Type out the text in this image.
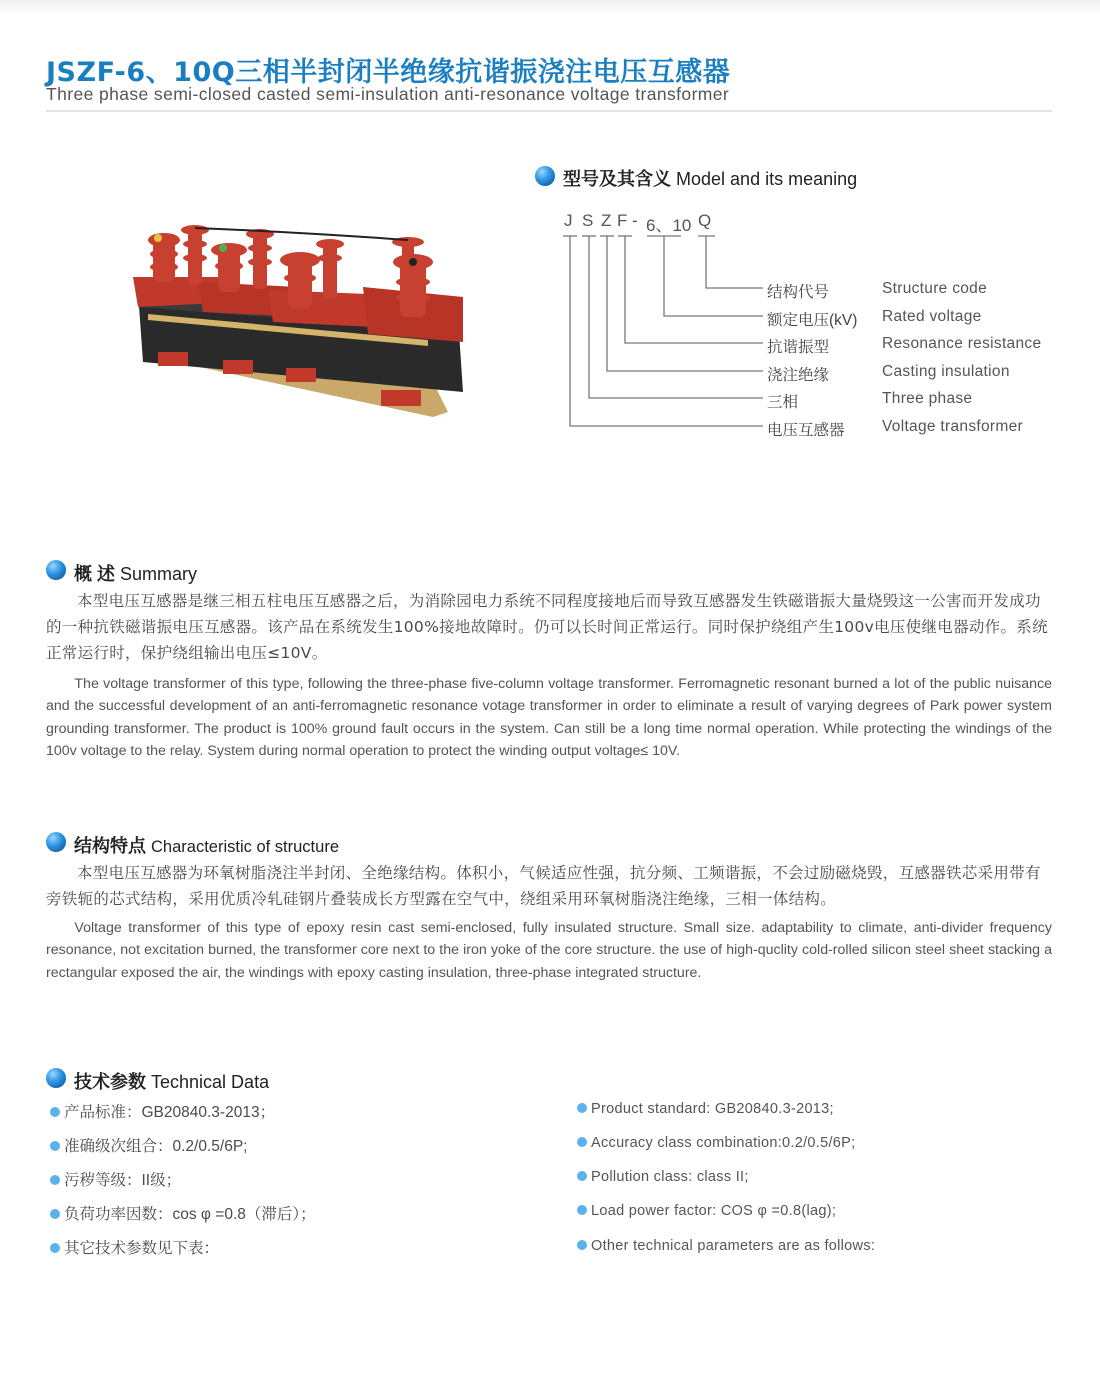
JSZF-6、10Q三相半封闭半绝缘抗谐振浇注电压互感器
Three phase semi-closed casted semi-insulation anti-resonance voltage transformer
型号及其含义 Model and its meaning
J S Z F - 6、10 Q
结构代号	Structure code
额定电压(kV) Rated voltage
抗谐振型	Resonance resistance
浇注绝缘	Casting insulation
三相	Three phase
电压互感器 Voltage transformer
概 述 Summary

本型电压互感器是继三相五柱电压互感器之后，为消除园电力系统不同程度接地后而导致互感器发生铁磁谐振大量烧毁这一公害而开发成功的一种抗铁磁谐振电压互感器。该产品在系统发生100%接地故障时。仍可以长时间正常运行。同时保护绕组产生100v电压使继电器动作。系统正常运行时，保护绕组输出电压≤10V。

The voltage transformer of this type, following the three-phase five-column voltage transformer. Ferromagnetic resonant burned a lot of the public nuisance and the successful development of an anti-ferromagnetic resonance votage transformer in order to eliminate a result of varying degrees of Park power system grounding transformer. The product is 100% ground fault occurs in the system. Can still be a long time normal operation. While protecting the windings of the 100v voltage to the relay. System during normal operation to protect the winding output voltage≤ 10V.

结构特点 Characteristic of structure

本型电压互感器为环氧树脂浇注半封闭、全绝缘结构。体积小，气候适应性强，抗分频、工频谐振，不会过励磁烧毁，互感器铁芯采用带有旁铁轭的芯式结构，采用优质冷轧硅钢片叠装成长方型露在空气中，绕组采用环氧树脂浇注绝缘，三相一体结构。

Voltage transformer of this type of epoxy resin cast semi-enclosed, fully insulated structure. Small size. adaptability to climate, anti-divider frequency resonance, not excitation burned, the transformer core next to the iron yoke of the core structure. the use of high-quclity cold-rolled silicon steel sheet stacking a rectangular exposed the air, the windings with epoxy casting insulation, three-phase integrated structure.

技术参数 Technical Data
产品标准：GB20840.3-2013；
准确级次组合：0.2/0.5/6P;
污秽等级：II级；
负荷功率因数：cos φ =0.8（滞后）；
其它技术参数见下表：
Product standard: GB20840.3-2013;
Accuracy class combination:0.2/0.5/6P;
Pollution class: class II;
Load power factor: COS φ =0.8(lag);
Other technical parameters are as follows:
